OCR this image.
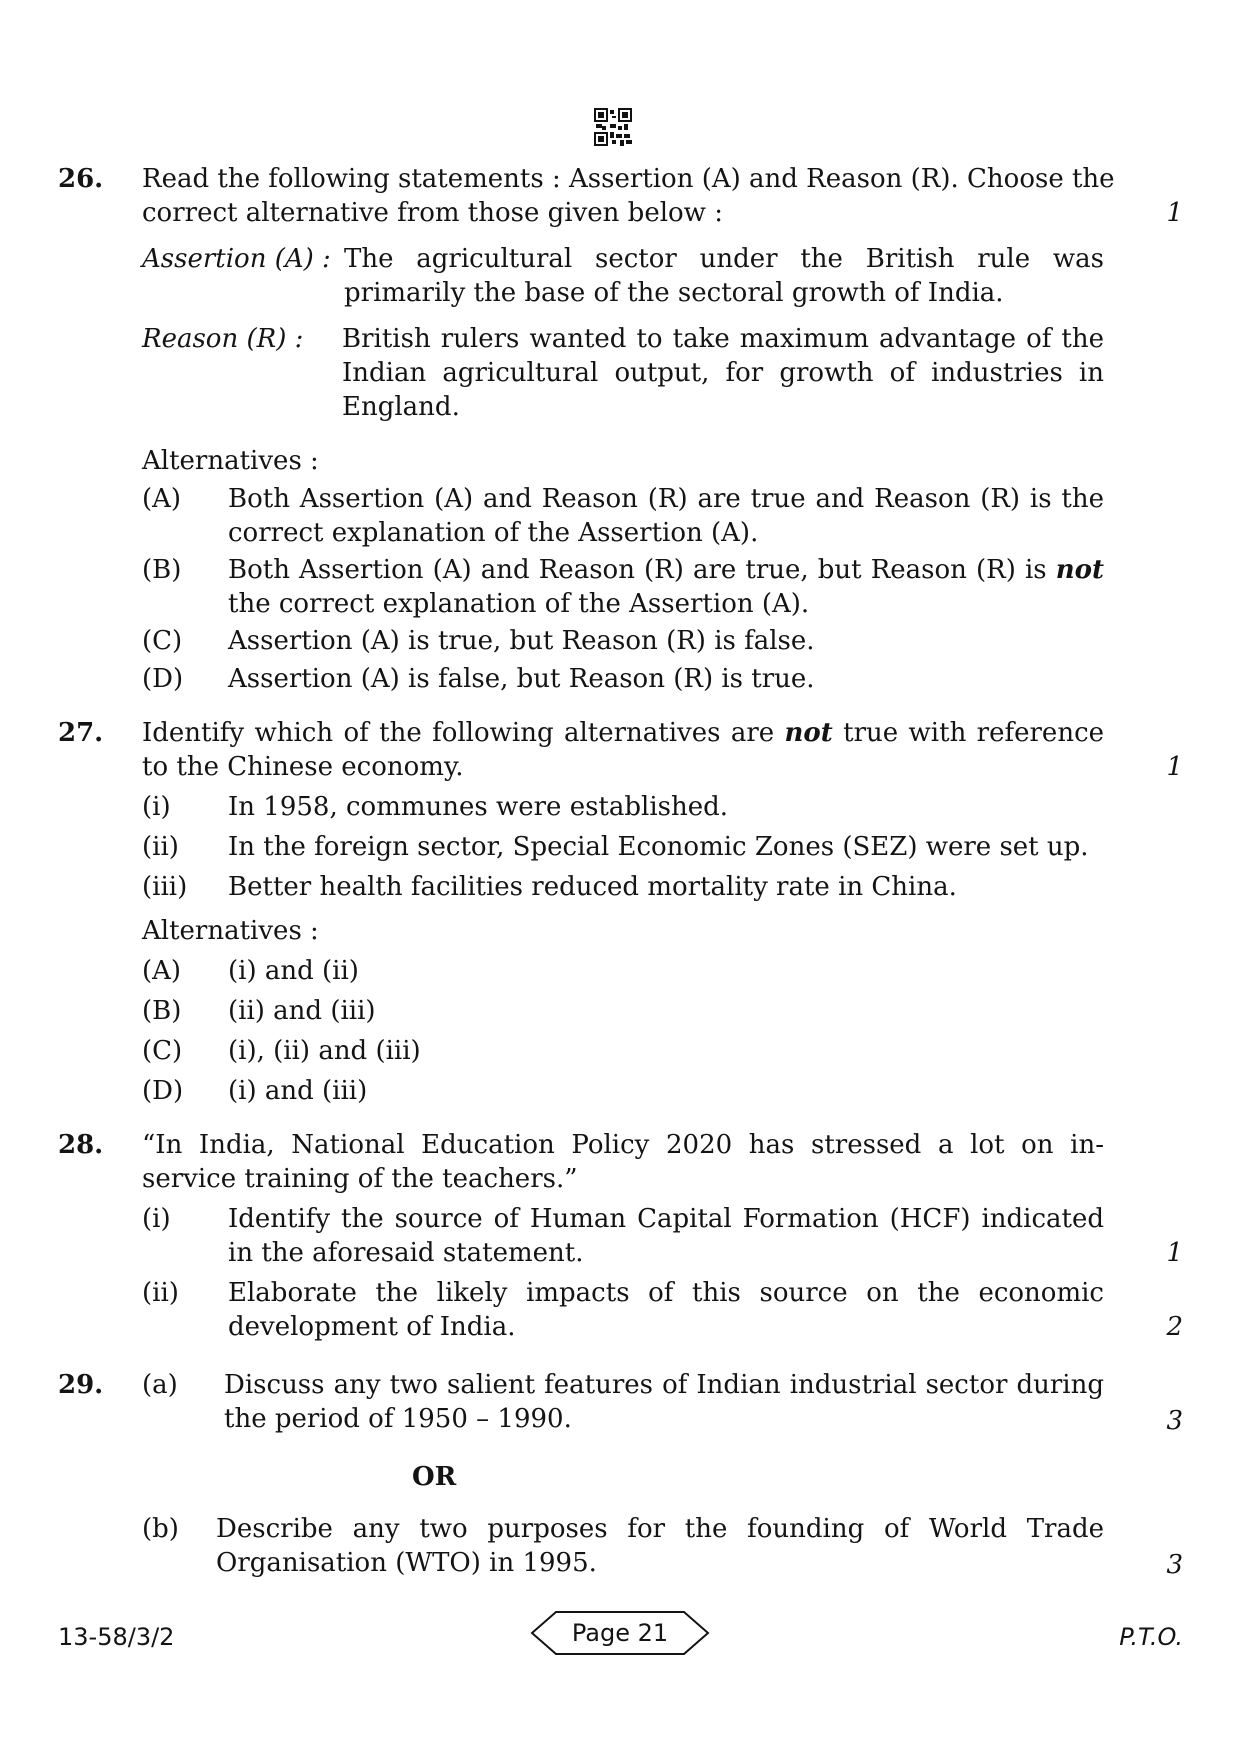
26. Read the following statements : Assertion (A) and Reason (R). Choose the
correct alternative from those given below :	1
Assertion (A) : The agricultural sector under the British rule was primarily the base of the sectoral growth of India.
Reason (R) : British rulers wanted to take maximum advantage of the Indian agricultural output, for growth of industries in England.
Alternatives :
(A) Both Assertion (A) and Reason (R) are true and Reason (R) is the correct explanation of the Assertion (A).
(B) Both Assertion (A) and Reason (R) are true, but Reason (R) is not the correct explanation of the Assertion (A).
(C) Assertion (A) is true, but Reason (R) is false.
(D) Assertion (A) is false, but Reason (R) is true.
27. Identify which of the following alternatives are not true with reference to the Chinese economy.	1
(i) In 1958, communes were established.
(ii) In the foreign sector, Special Economic Zones (SEZ) were set up.
(iii) Better health facilities reduced mortality rate in China.
Alternatives :
(A) (i) and (ii)
(B) (ii) and (iii)
(C) (i), (ii) and (iii)
(D) (i) and (iii)
28. “In India, National Education Policy 2020 has stressed a lot on in-service training of the teachers.”
(i) Identify the source of Human Capital Formation (HCF) indicated in the aforesaid statement.	1
(ii) Elaborate the likely impacts of this source on the economic development of India.	2
29. (a) Discuss any two salient features of Indian industrial sector during the period of 1950 – 1990.	3
OR
(b) Describe any two purposes for the founding of World Trade Organisation (WTO) in 1995.	3
13-58/3/2	Page 21	P.T.O.
